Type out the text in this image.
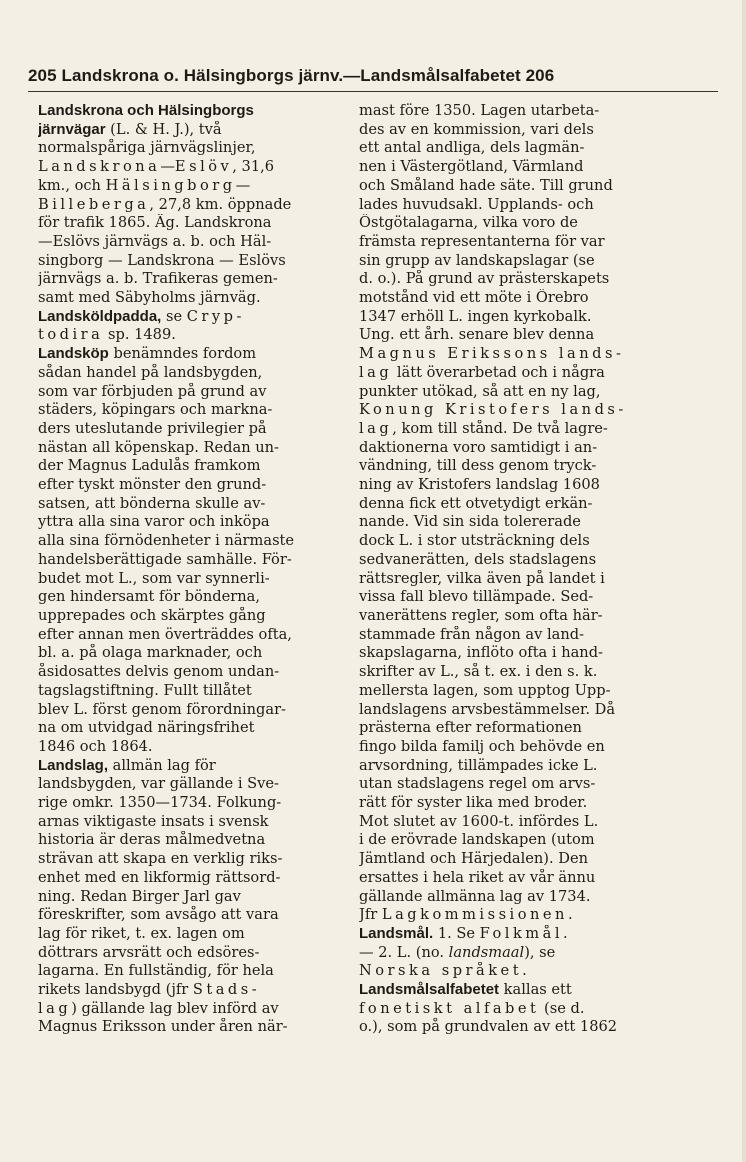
205 Landskrona o. Hälsingborgs järnv.—Landsmålsalfabetet 206
Landskrona och Hälsingborgs
järnvägar (L. & H. J.), två
normalspåriga järnvägslinjer,
Landskrona—Eslöv, 31,6
km., och Hälsingborg—
Billeberga, 27,8 km. öppnade
för trafik 1865. Äg. Landskrona
—Eslövs järnvägs a. b. och Häl-
singborg — Landskrona — Eslövs
järnvägs a. b. Trafikeras gemen-
samt med Säbyholms järnväg.
Landsköldpadda, se Cryp-
todira sp. 1489.
Landsköp benämndes fordom
sådan handel på landsbygden,
som var förbjuden på grund av
städers, köpingars och markna-
ders uteslutande privilegier på
nästan all köpenskap. Redan un-
der Magnus Ladulås framkom
efter tyskt mönster den grund-
satsen, att bönderna skulle av-
yttra alla sina varor och inköpa
alla sina förnödenheter i närmaste
handelsberättigade samhälle. För-
budet mot L., som var synnerli-
gen hindersamt för bönderna,
upprepades och skärptes gång
efter annan men överträddes ofta,
bl. a. på olaga marknader, och
åsidosattes delvis genom undan-
tagslagstiftning. Fullt tillåtet
blev L. först genom förordningar-
na om utvidgad näringsfrihet
1846 och 1864.
Landslag, allmän lag för
landsbygden, var gällande i Sve-
rige omkr. 1350—1734. Folkung-
arnas viktigaste insats i svensk
historia är deras målmedvetna
strävan att skapa en verklig riks-
enhet med en likformig rättsord-
ning. Redan Birger Jarl gav
föreskrifter, som avsågo att vara
lag för riket, t. ex. lagen om
döttrars arvsrätt och edsöres-
lagarna. En fullständig, för hela
rikets landsbygd (jfr Stads-
lag) gällande lag blev införd av
Magnus Eriksson under åren när-
mast före 1350. Lagen utarbeta-
des av en kommission, vari dels
ett antal andliga, dels lagmän-
nen i Västergötland, Värmland
och Småland hade säte. Till grund
lades huvudsakl. Upplands- och
Östgötalagarna, vilka voro de
främsta representanterna för var
sin grupp av landskapslagar (se
d. o.). På grund av prästerskapets
motstånd vid ett möte i Örebro
1347 erhöll L. ingen kyrkobalk.
Ung. ett årh. senare blev denna
Magnus Erikssons lands-
lag lätt överarbetad och i några
punkter utökad, så att en ny lag,
Konung Kristofers lands-
lag, kom till stånd. De två lagre-
daktionerna voro samtidigt i an-
vändning, till dess genom tryck-
ning av Kristofers landslag 1608
denna fick ett otvetydigt erkän-
nande. Vid sin sida tolererade
dock L. i stor utsträckning dels
sedvanerätten, dels stadslagens
rättsregler, vilka även på landet i
vissa fall blevo tillämpade. Sed-
vanerättens regler, som ofta här-
stammade från någon av land-
skapslagarna, inflöto ofta i hand-
skrifter av L., så t. ex. i den s. k.
mellersta lagen, som upptog Upp-
landslagens arvsbestämmelser. Då
prästerna efter reformationen
fingo bilda familj och behövde en
arvsordning, tillämpades icke L.
utan stadslagens regel om arvs-
rätt för syster lika med broder.
Mot slutet av 1600-t. infördes L.
i de erövrade landskapen (utom
Jämtland och Härjedalen). Den
ersattes i hela riket av vår ännu
gällande allmänna lag av 1734.
Jfr Lagkommissionen.
Landsmål. 1. Se Folkmål.
— 2. L. (no. landsmaal), se
Norska språket.
Landsmålsalfabetet kallas ett
fonetiskt alfabet (se d.
o.), som på grundvalen av ett 1862
